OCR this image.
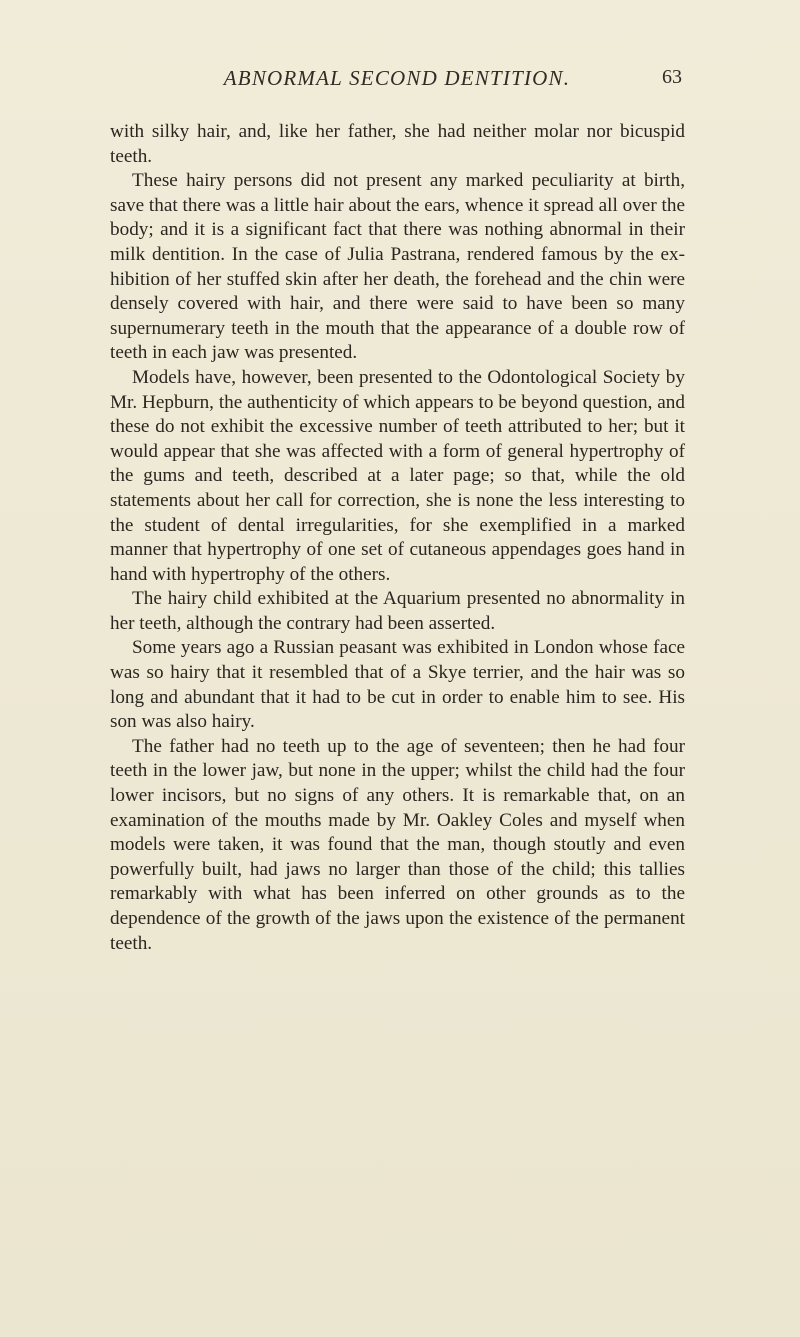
ABNORMAL SECOND DENTITION.	63

with silky hair, and, like her father, she had neither molar nor bicuspid teeth.

These hairy persons did not present any marked peculiarity at birth, save that there was a little hair about the ears, whence it spread all over the body; and it is a significant fact that there was nothing abnormal in their milk dentition. In the case of Julia Pastrana, rendered famous by the exhibition of her stuffed skin after her death, the forehead and the chin were densely covered with hair, and there were said to have been so many supernumerary teeth in the mouth that the appearance of a double row of teeth in each jaw was presented.

Models have, however, been presented to the Odontological Society by Mr. Hepburn, the authenticity of which appears to be beyond question, and these do not exhibit the excessive number of teeth attributed to her; but it would appear that she was affected with a form of general hypertrophy of the gums and teeth, described at a later page; so that, while the old statements about her call for correction, she is none the less interesting to the student of dental irregularities, for she exemplified in a marked manner that hypertrophy of one set of cutaneous appendages goes hand in hand with hypertrophy of the others.

The hairy child exhibited at the Aquarium presented no abnormality in her teeth, although the contrary had been asserted.

Some years ago a Russian peasant was exhibited in London whose face was so hairy that it resembled that of a Skye terrier, and the hair was so long and abundant that it had to be cut in order to enable him to see. His son was also hairy.

The father had no teeth up to the age of seventeen; then he had four teeth in the lower jaw, but none in the upper; whilst the child had the four lower incisors, but no signs of any others. It is remarkable that, on an examination of the mouths made by Mr. Oakley Coles and myself when models were taken, it was found that the man, though stoutly and even powerfully built, had jaws no larger than those of the child; this tallies remarkably with what has been inferred on other grounds as to the dependence of the growth of the jaws upon the existence of the permanent teeth.
